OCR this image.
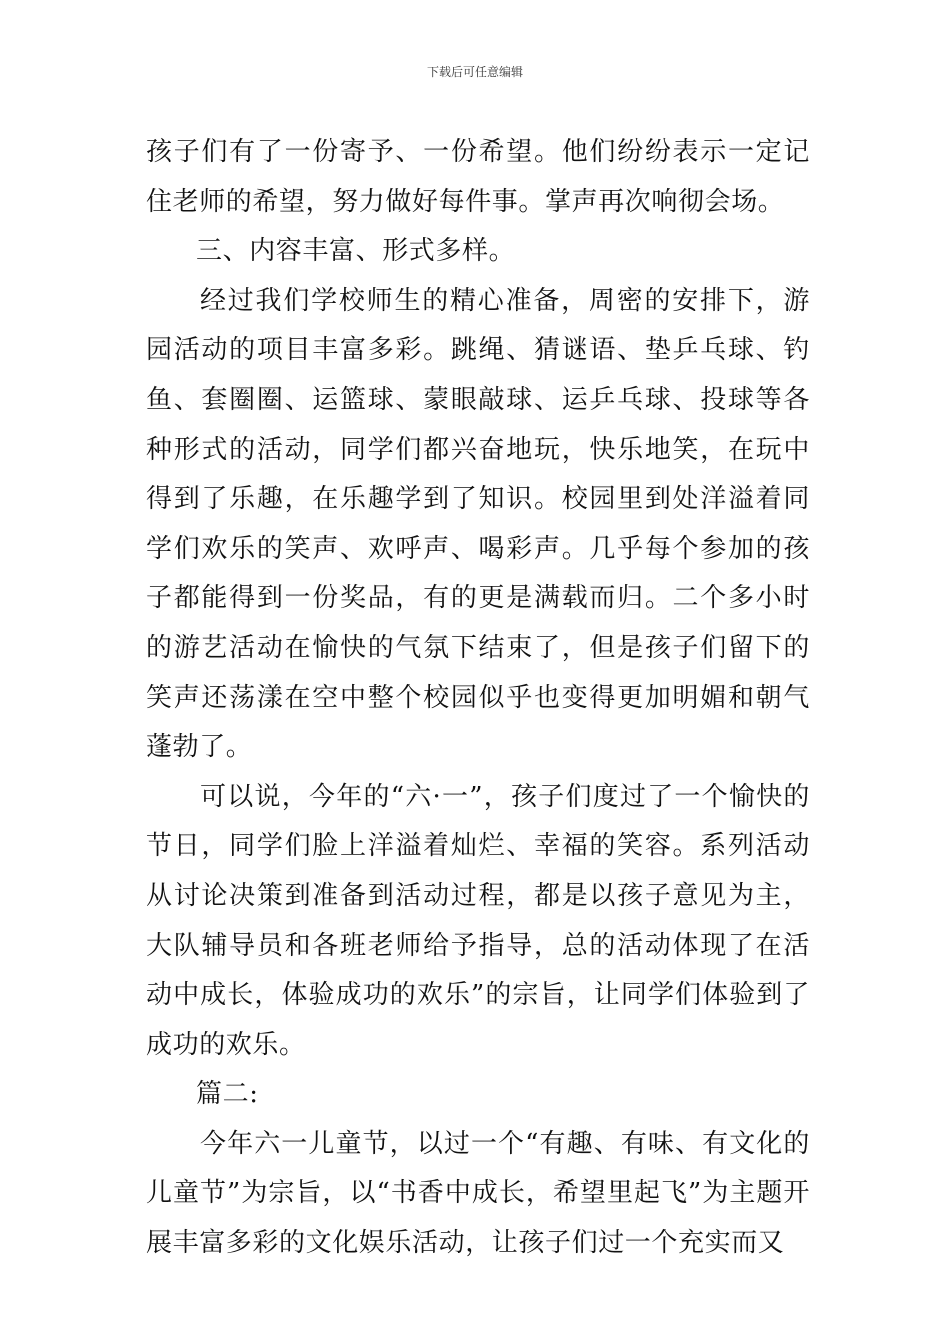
下载后可任意编辑

孩子们有了一份寄予、一份希望。他们纷纷表示一定记住老师的希望，努力做好每件事。掌声再次响彻会场。

三、内容丰富、形式多样。

经过我们学校师生的精心准备，周密的安排下，游园活动的项目丰富多彩。跳绳、猜谜语、垫乒乓球、钓鱼、套圈圈、运篮球、蒙眼敲球、运乒乓球、投球等各种形式的活动，同学们都兴奋地玩，快乐地笑，在玩中得到了乐趣，在乐趣学到了知识。校园里到处洋溢着同学们欢乐的笑声、欢呼声、喝彩声。几乎每个参加的孩子都能得到一份奖品，有的更是满载而归。二个多小时的游艺活动在愉快的气氛下结束了，但是孩子们留下的笑声还荡漾在空中整个校园似乎也变得更加明媚和朝气蓬勃了。

可以说，今年的“六·一”，孩子们度过了一个愉快的节日，同学们脸上洋溢着灿烂、幸福的笑容。系列活动从讨论决策到准备到活动过程，都是以孩子意见为主，大队辅导员和各班老师给予指导，总的活动体现了在活动中成长，体验成功的欢乐”的宗旨，让同学们体验到了成功的欢乐。

篇二:

今年六一儿童节，以过一个“有趣、有味、有文化的儿童节”为宗旨，以“书香中成长，希望里起飞”为主题开展丰富多彩的文化娱乐活动，让孩子们过一个充实而又
